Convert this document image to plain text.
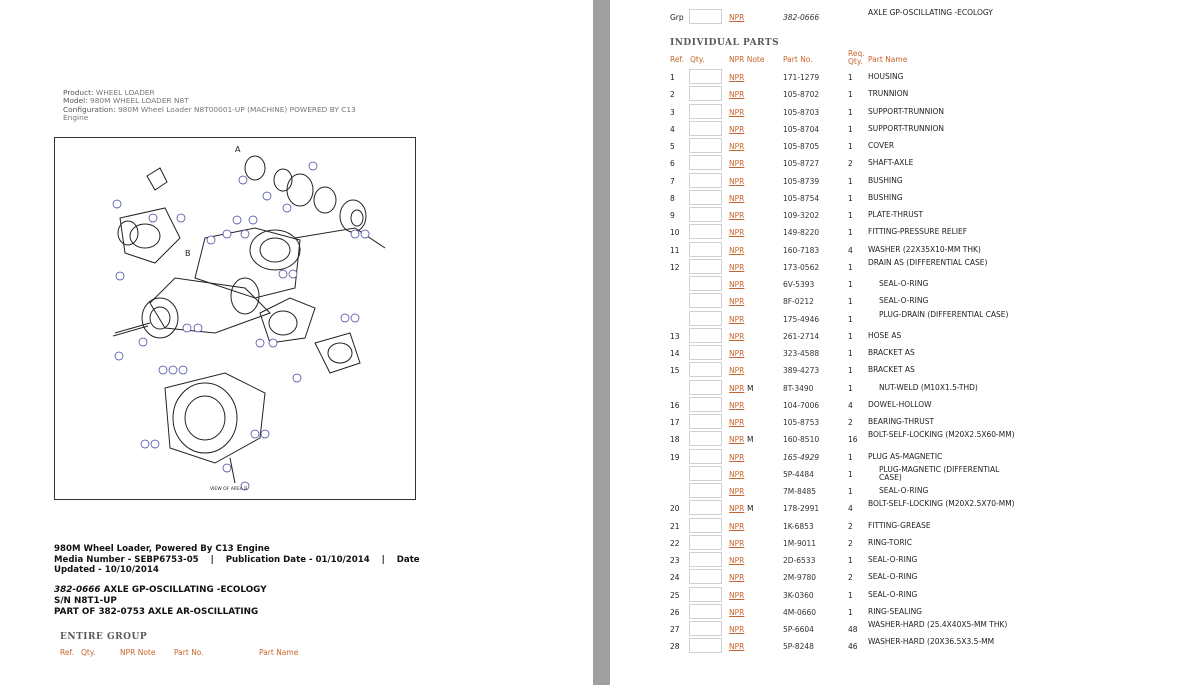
Product: WHEEL LOADER
Model: 980M WHEEL LOADER N8T
Configuration: 980M Wheel Loader N8T00001-UP (MACHINE) POWERED BY C13 Engine
A
B
VIEW OF AREA B
980M Wheel Loader, Powered By C13 Engine
Media Number - SEBP6753-05    |    Publication Date - 01/10/2014    |    Date
Updated - 10/10/2014
382-0666 AXLE GP-OSCILLATING -ECOLOGY
S/N N8T1-UP
PART OF 382-0753 AXLE AR-OSCILLATING
ENTIRE GROUP
Ref. Qty.	NPR Note Part No.	Part Name
Grp	NPR	382-0666
AXLE GP-OSCILLATING -ECOLOGY
INDIVIDUAL PARTS
Ref. Qty.	NPR Note Part No.
Req. Qty. Part Name
1	NPR	171-1279	1 HOUSING
2	NPR	105-8702	1 TRUNNION
3	NPR	105-8703	1 SUPPORT-TRUNNION
4	NPR	105-8704	1 SUPPORT-TRUNNION
5	NPR	105-8705	1 COVER
6	NPR	105-8727	2 SHAFT-AXLE
7	NPR	105-8739	1 BUSHING
8	NPR	105-8754	1 BUSHING
9	NPR	109-3202	1 PLATE-THRUST
10	NPR	149-8220	1 FITTING-PRESSURE RELIEF
11	NPR	160-7183	4 WASHER (22X35X10-MM THK)
12	NPR	173-0562	1
DRAIN AS (DIFFERENTIAL CASE)
NPR	6V-5393	1	SEAL-O-RING
NPR	8F-0212	1	SEAL-O-RING
NPR	175-4946	1
PLUG-DRAIN (DIFFERENTIAL CASE)
13	NPR	261-2714	1 HOSE AS
14	NPR	323-4588	1 BRACKET AS
15	NPR	389-4273	1 BRACKET AS
NPR M	8T-3490	1	NUT-WELD (M10X1.5-THD)
16	NPR	104-7006	4 DOWEL-HOLLOW
17	NPR	105-8753	2 BEARING-THRUST
18	NPR M	160-8510	16
BOLT-SELF-LOCKING (M20X2.5X60-MM)
19	NPR	165-4929	1 PLUG AS-MAGNETIC
NPR	5P-4484	1
PLUG-MAGNETIC (DIFFERENTIAL CASE)
NPR	7M-8485	1	SEAL-O-RING
20	NPR M	178-2991	4
BOLT-SELF-LOCKING (M20X2.5X70-MM)
21	NPR	1K-6853	2 FITTING-GREASE
22	NPR	1M-9011	2 RING-TORIC
23	NPR	2D-6533	1 SEAL-O-RING
24	NPR	2M-9780	2 SEAL-O-RING
25	NPR	3K-0360	1 SEAL-O-RING
26	NPR	4M-0660	1 RING-SEALING
27	NPR	5P-6604	48
WASHER-HARD (25.4X40X5-MM THK)
28	NPR	5P-8248	46
WASHER-HARD (20X36.5X3.5-MM
